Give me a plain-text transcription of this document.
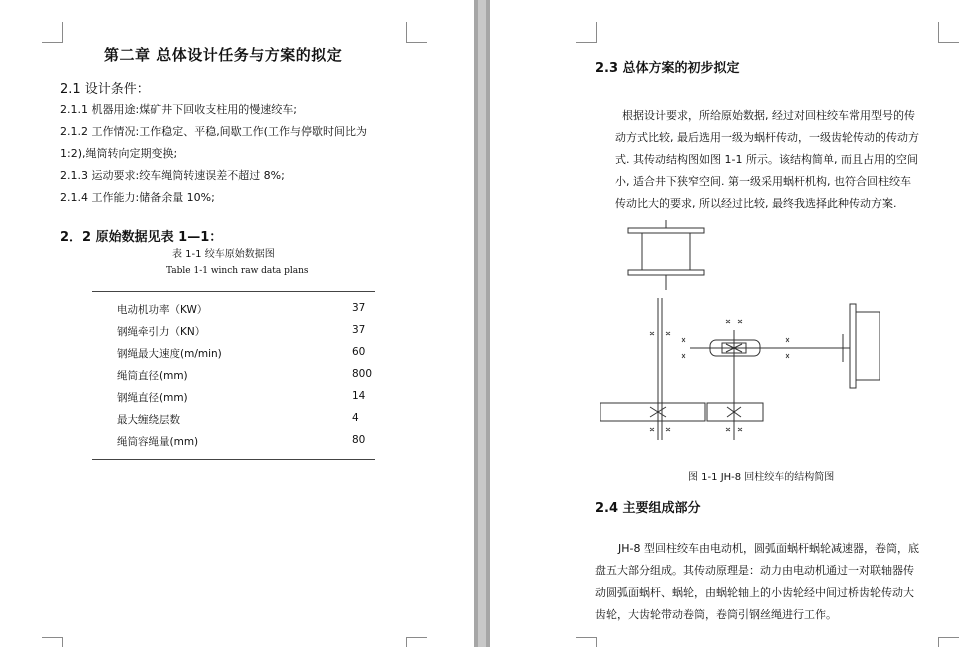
第二章 总体设计任务与方案的拟定
2.1 设计条件：
2.1.1 机器用途:煤矿井下回收支柱用的慢速绞车;
2.1.2 工作情况:工作稳定、平稳,间歇工作(工作与停歇时间比为
1:2),绳筒转向定期变换;
2.1.3 运动要求:绞车绳筒转速误差不超过 8%;
2.1.4 工作能力:储备余量 10%;
2．2 原始数据见表 1—1：
表 1-1 绞车原始数据图
Table 1-1 winch raw data plans
电动机功率（KW）	37
钢绳牵引力（KN）	37
钢绳最大速度(m/min)	60
绳筒直径(mm)	800
钢绳直径(mm)	14
最大缠绕层数	4
绳筒容绳量(mm)	80
2.3 总体方案的初步拟定
根据设计要求，所给原始数据, 经过对回柱绞车常用型号的传
动方式比较, 最后选用一级为蜗杆传动，一级齿轮传动的传动方
式. 其传动结构图如图 1-1 所示。该结构简单, 而且占用的空间
小, 适合井下狭窄空间. 第一级采用蜗杆机构, 也符合回柱绞车
传动比大的要求, 所以经过比较, 最终我选择此种传动方案.
图 1-1 JH-8 回柱绞车的结构简图
2.4 主要组成部分
JH-8 型回柱绞车由电动机，圆弧面蜗杆蜗轮减速器，卷筒，底
盘五大部分组成。其传动原理是：动力由电动机通过一对联轴器传
动圆弧面蜗杆、蜗轮，由蜗轮轴上的小齿轮经中间过桥齿轮传动大
齿轮，大齿轮带动卷筒，卷筒引钢丝绳进行工作。
